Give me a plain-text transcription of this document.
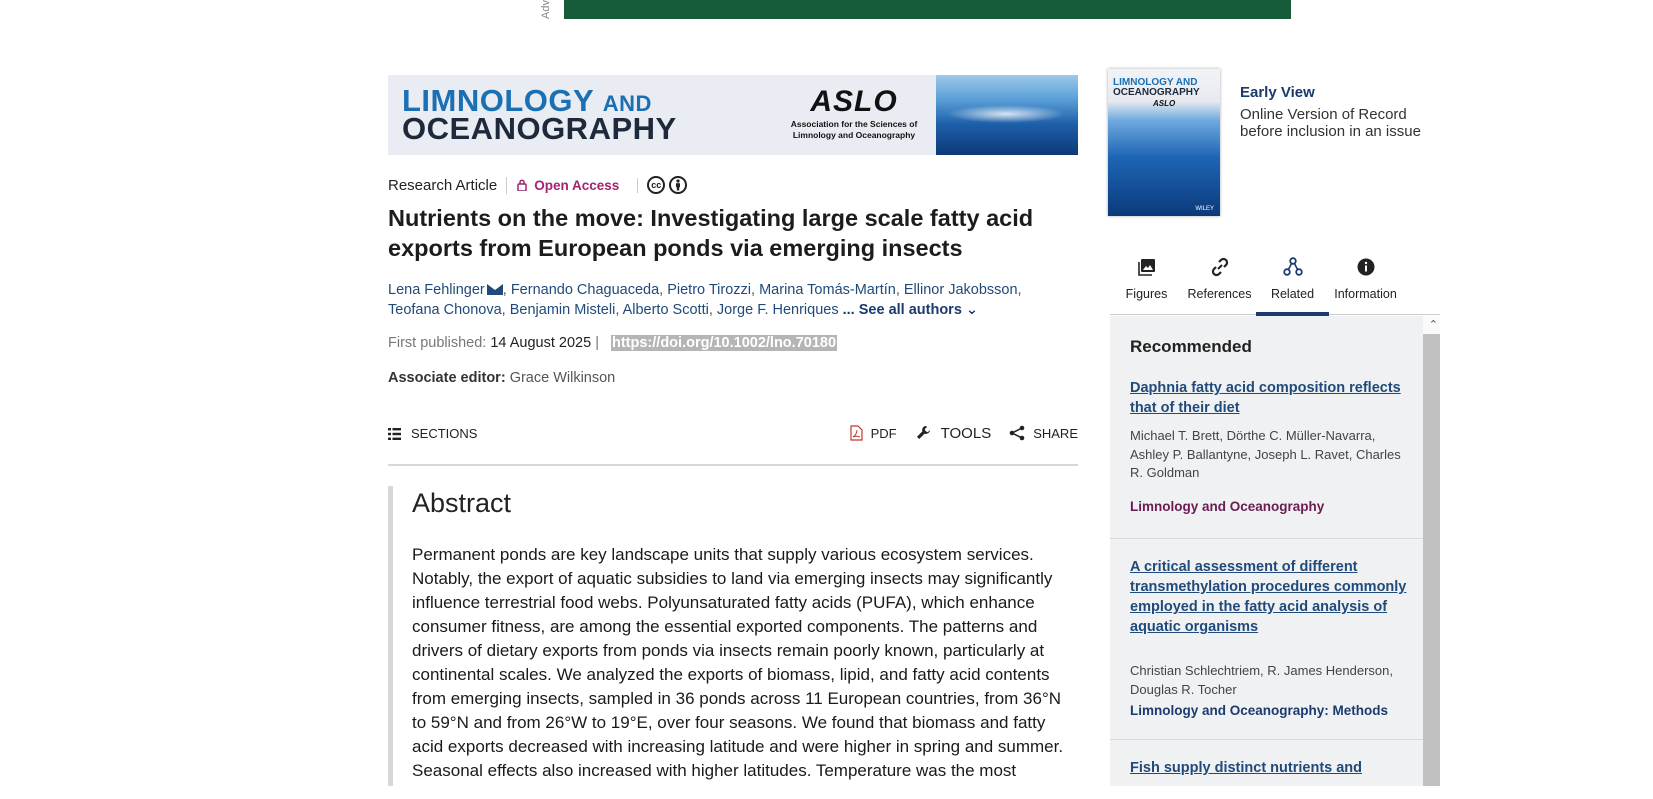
Adv
LIMNOLOGY AND
OCEANOGRAPHY
ASLO
Association for the Sciences of Limnology and Oceanography
Research Article	Open Access	cc
Nutrients on the move: Investigating large scale fatty acid exports from European ponds via emerging insects
Lena Fehlinger , Fernando Chaguaceda, Pietro Tirozzi, Marina Tomás-Martín, Ellinor Jakobsson,
Teofana Chonova, Benjamin Misteli, Alberto Scotti, Jorge F. Henriques ... See all authors ⌄
First published: 14 August 2025 | https://doi.org/10.1002/lno.70180
Associate editor: Grace Wilkinson
SECTIONS	PDF	TOOLS	SHARE
Abstract

Permanent ponds are key landscape units that supply various ecosystem services. Notably, the export of aquatic subsidies to land via emerging insects may significantly influence terrestrial food webs. Polyunsaturated fatty acids (PUFA), which enhance consumer fitness, are among the essential exported components. The patterns and drivers of dietary exports from ponds via insects remain poorly known, particularly at continental scales. We analyzed the exports of biomass, lipid, and fatty acid contents from emerging insects, sampled in 36 ponds across 11 European countries, from 36°N to 59°N and from 26°W to 19°E, over four seasons. We found that biomass and fatty acid exports decreased with increasing latitude and were higher in spring and summer. Seasonal effects also increased with higher latitudes. Temperature was the most

LIMNOLOGY AND
OCEANOGRAPHY
ASLO
WILEY
Early View
Online Version of Record before inclusion in an issue
Figures	References	Related	Information
Recommended
Daphnia fatty acid composition reflects that of their diet
Michael T. Brett, Dörthe C. Müller-Navarra, Ashley P. Ballantyne, Joseph L. Ravet, Charles R. Goldman
Limnology and Oceanography
A critical assessment of different transmethylation procedures commonly employed in the fatty acid analysis of aquatic organisms
Christian Schlechtriem, R. James Henderson, Douglas R. Tocher
Limnology and Oceanography: Methods
Fish supply distinct nutrients and
⌃
